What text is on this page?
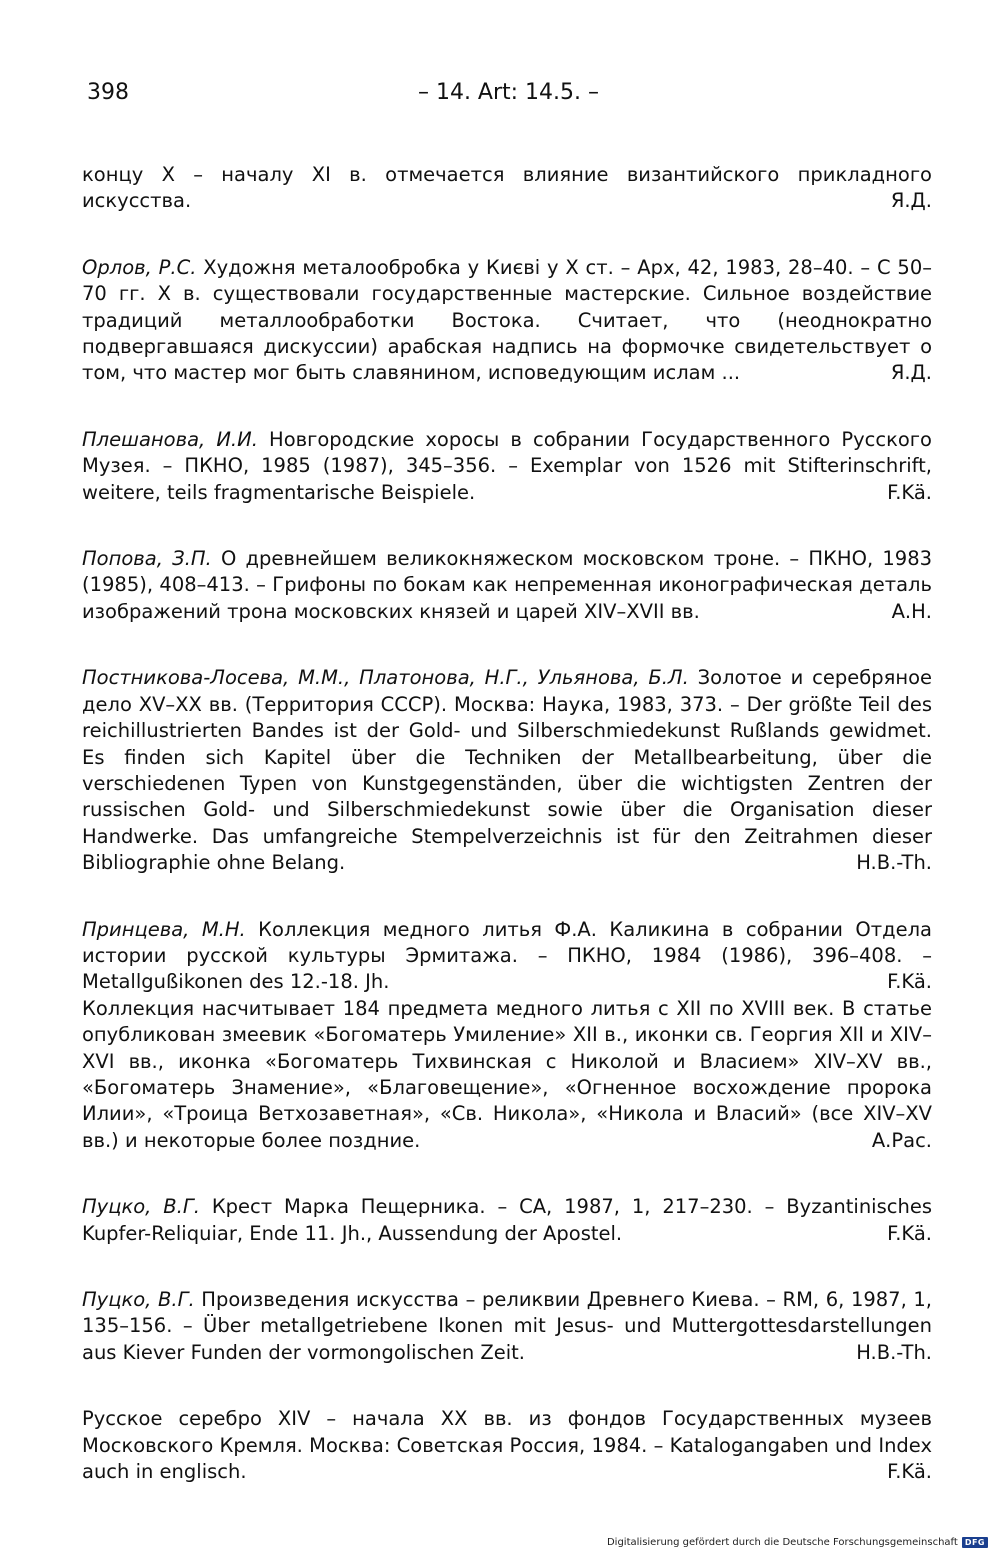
398	– 14. Art: 14.5. –

концу X – началу XI в. отмечается влияние византийского прикладного искусства.	Я.Д.

Орлов, Р.С. Художня металообробка у Києві у X ст. – Арх, 42, 1983, 28–40. – С 50–70 гг. X в. существовали государственные мастерские. Сильное воздействие традиций металлообработки Востока. Считает, что (неоднократно подвергавшаяся дискуссии) арабская надпись на формочке свидетельствует о том, что мастер мог быть славянином, исповедующим ислам ...	Я.Д.

Плешанова, И.И. Новгородские хоросы в собрании Государственного Русского Музея. – ПКНО, 1985 (1987), 345–356. – Exemplar von 1526 mit Stifterinschrift, weitere, teils fragmentarische Beispiele.	F.Kä.

Попова, З.П. О древнейшем великокняжеском московском троне. – ПКНО, 1983 (1985), 408–413. – Грифоны по бокам как непременная иконографическая деталь изображений трона московских князей и царей XIV–XVII вв.	А.Н.

Постникова-Лосева, М.М., Платонова, Н.Г., Ульянова, Б.Л. Золотое и серебряное дело XV–XX вв. (Территория СССР). Москва: Наука, 1983, 373. – Der größte Teil des reichillustrierten Bandes ist der Gold- und Silberschmiedekunst Rußlands gewidmet. Es finden sich Kapitel über die Techniken der Metallbearbeitung, über die verschiedenen Typen von Kunstgegenständen, über die wichtigsten Zentren der russischen Gold- und Silberschmiedekunst sowie über die Organisation dieser Handwerke. Das umfangreiche Stempelverzeichnis ist für den Zeitrahmen dieser Bibliographie ohne Belang.	H.B.-Th.

Принцева, М.Н. Коллекция медного литья Ф.А. Каликина в собрании Отдела истории русской культуры Эрмитажа. – ПКНО, 1984 (1986), 396–408. – Metallgußikonen des 12.-18. Jh.	F.Kä.
Коллекция насчитывает 184 предмета медного литья с XII по XVIII век. В статье опубликован змеевик «Богоматерь Умиление» XII в., иконки св. Георгия XII и XIV–XVI вв., иконка «Богоматерь Тихвинская с Николой и Власием» XIV–XV вв., «Богоматерь Знамение», «Благовещение», «Огненное восхождение пророка Илии», «Троица Ветхозаветная», «Св. Никола», «Никола и Власий» (все XIV–XV вв.) и некоторые более поздние.	А.Рас.

Пуцко, В.Г. Крест Марка Пещерника. – СА, 1987, 1, 217–230. – Byzantinisches Kupfer-Reliquiar, Ende 11. Jh., Aussendung der Apostel.	F.Kä.

Пуцко, В.Г. Произведения искусства – реликвии Древнего Киева. – RM, 6, 1987, 1, 135–156. – Über metallgetriebene Ikonen mit Jesus- und Muttergottesdarstellungen aus Kiever Funden der vormongolischen Zeit.	H.B.-Th.

Русское серебро XIV – начала XX вв. из фондов Государственных музеев Московского Кремля. Москва: Советская Россия, 1984. – Katalogangaben und Index auch in englisch.	F.Kä.

Digitalisierung gefördert durch die Deutsche Forschungsgemeinschaft DFG
